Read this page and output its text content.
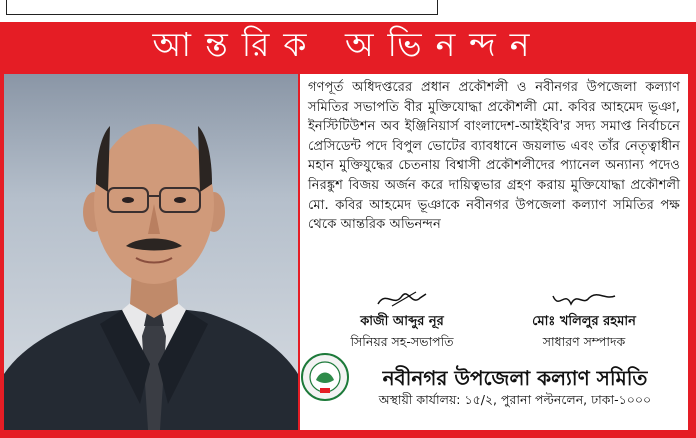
আন্তরিক অভিনন্দন

গণপূর্ত অধিদপ্তরের প্রধান প্রকৌশলী ও নবীনগর উপজেলা কল্যাণ সমিতির সভাপতি বীর মুক্তিযোদ্ধা প্রকৌশলী মো. কবির আহমেদ ভূঞা, ইনস্টিটিউশন অব ইঞ্জিনিয়ার্স বাংলাদেশ-আইইবি'র সদ্য সমাপ্ত নির্বাচনে প্রেসিডেন্ট পদে বিপুল ভোটের ব্যাবধানে জয়লাভ এবং তাঁর নেতৃত্বাধীন মহান মুক্তিযুদ্ধের চেতনায় বিশ্বাসী প্রকৌশলীদের প্যানেল অন্যান্য পদেও নিরঙ্কুশ বিজয় অর্জন করে দায়িত্বভার গ্রহণ করায় মুক্তিযোদ্ধা প্রকৌশলী মো. কবির আহমেদ ভূঞাকে নবীনগর উপজেলা কল্যাণ সমিতির পক্ষ থেকে আন্তরিক অভিনন্দন

কাজী আব্দুর নূর
সিনিয়র সহ-সভাপতি
মোঃ খলিলুর রহমান
সাধারণ সম্পাদক
নবীনগর উপজেলা কল্যাণ সমিতি
অস্থায়ী কার্যালয়: ১৫/২, পুরানা পল্টনলেন, ঢাকা-১০০০
